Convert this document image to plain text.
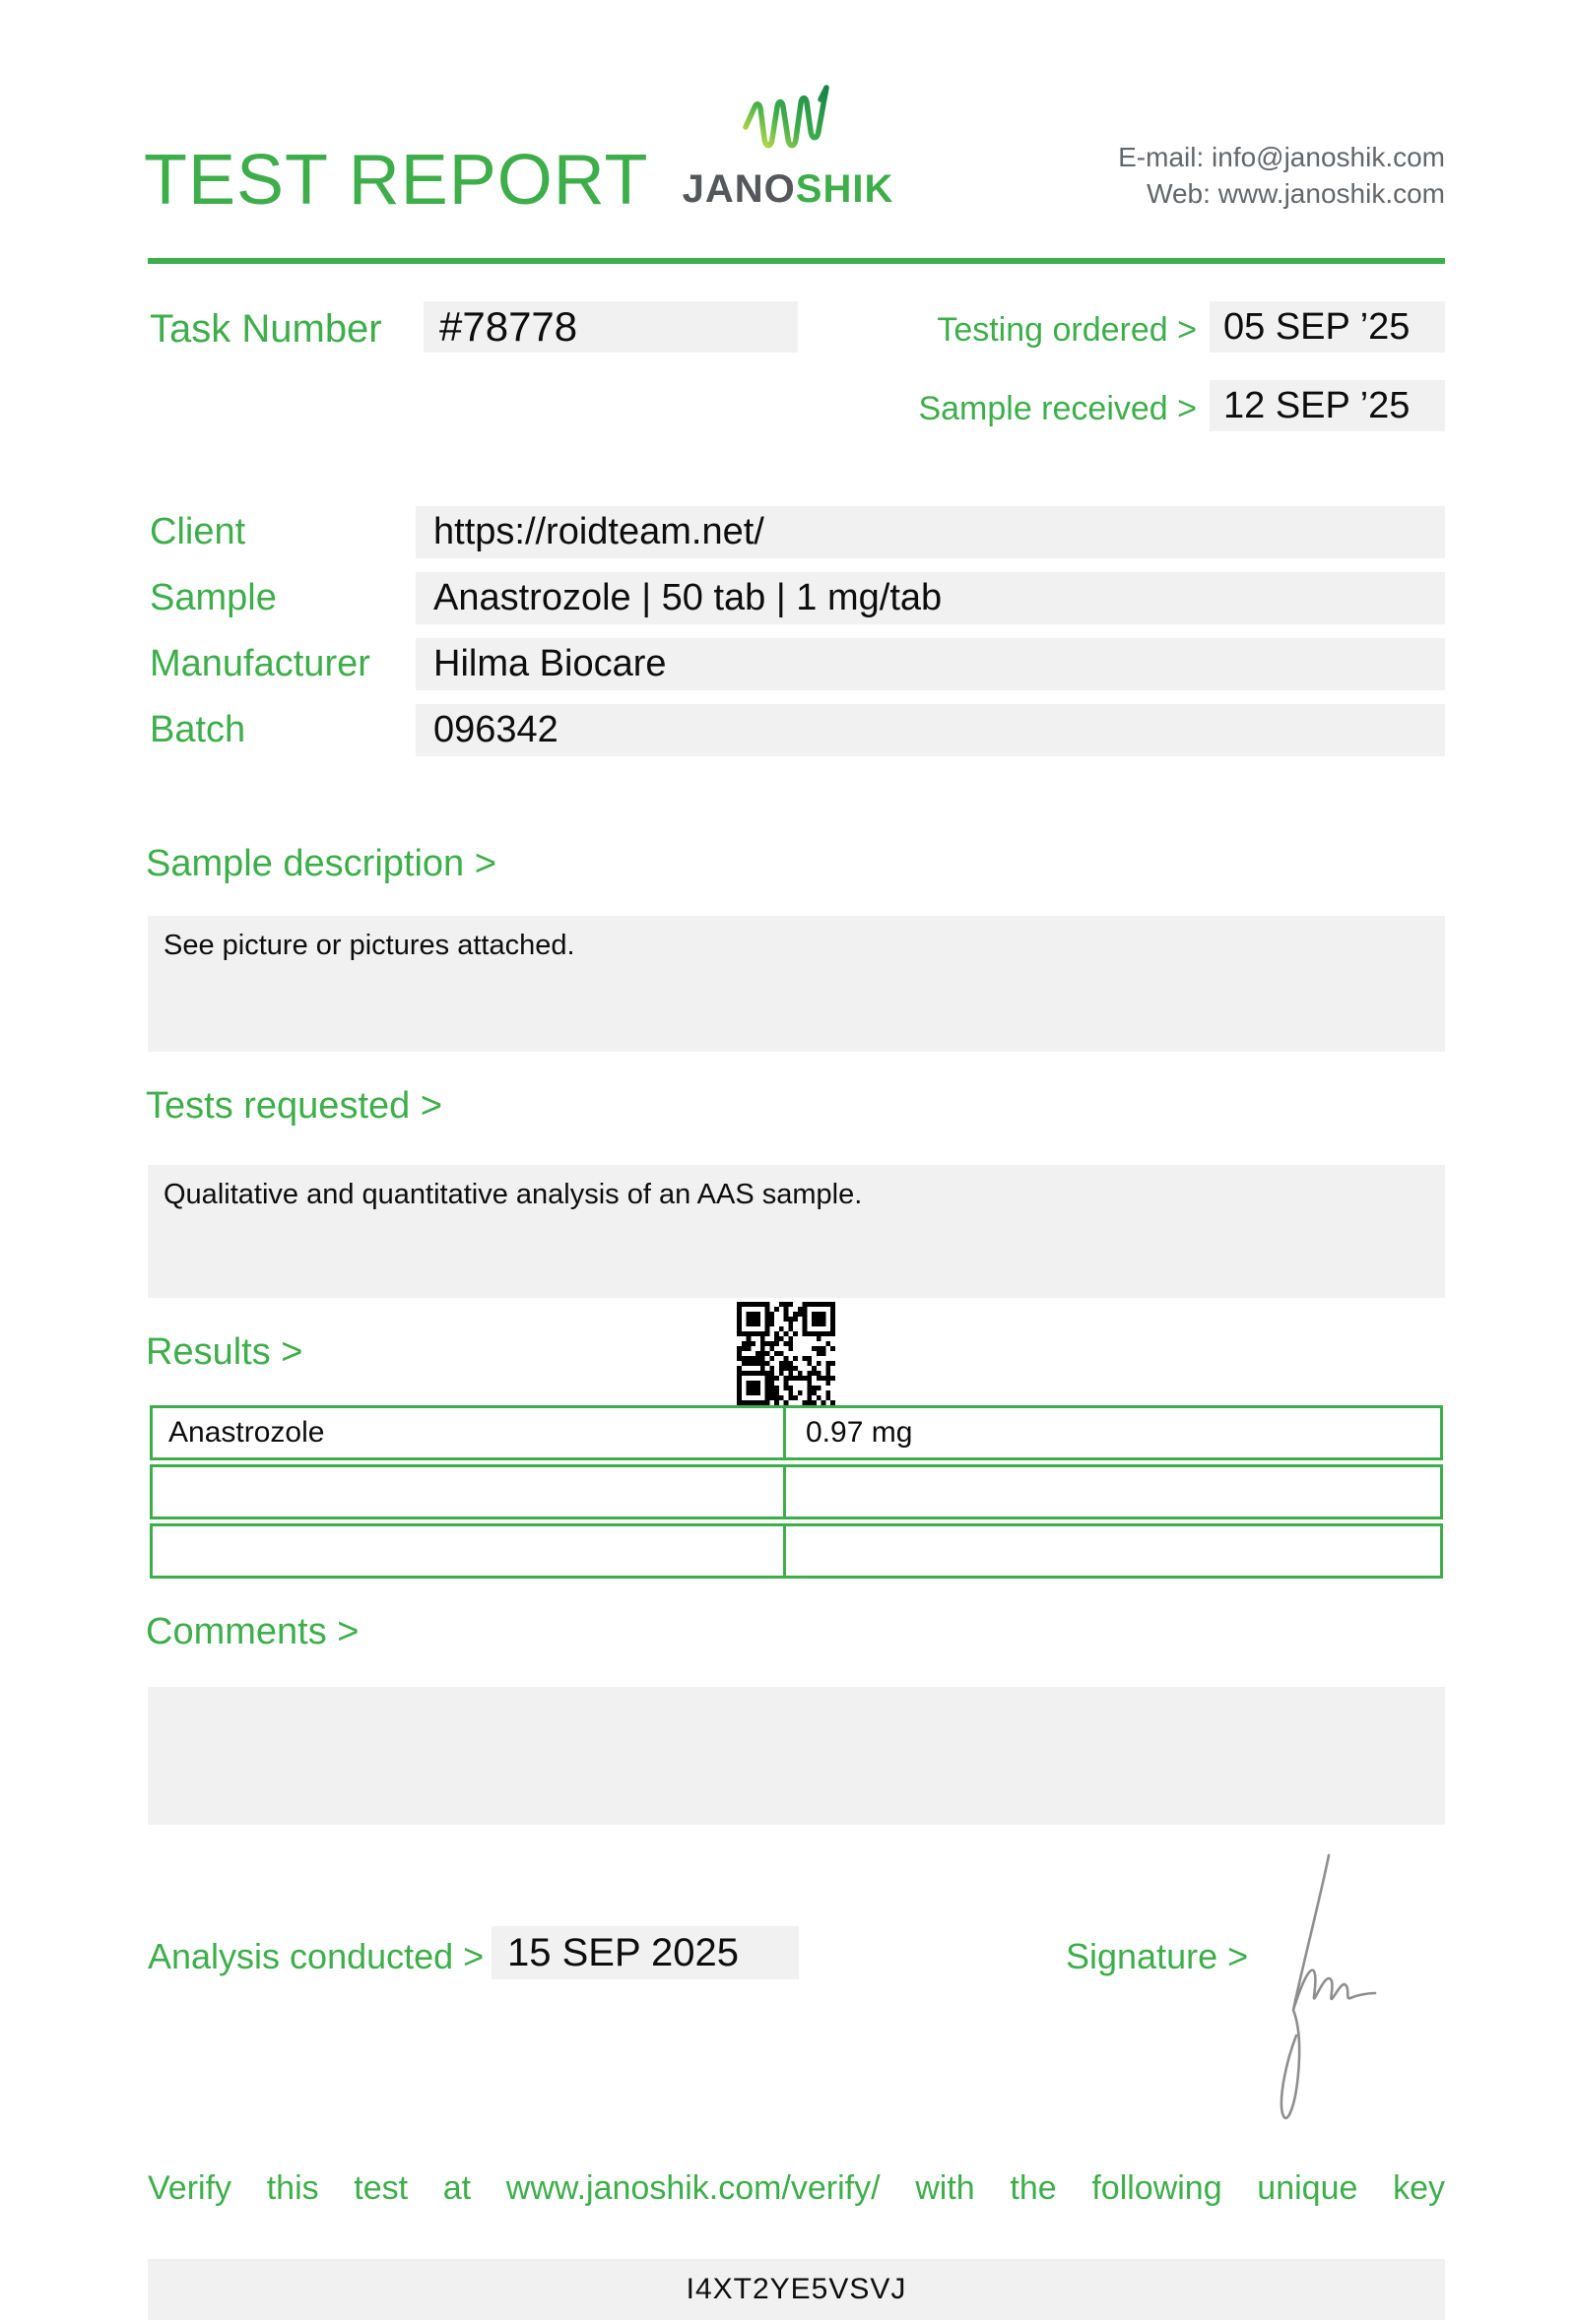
TEST REPORT JANOSHIK
E-mail: info@janoshik.com
Web: www.janoshik.com
Task Number	#78778	Testing ordered > 05 SEP ’25
Sample received > 12 SEP ’25
Client	https://roidteam.net/
Sample	Anastrozole | 50 tab | 1 mg/tab
Manufacturer	Hilma Biocare
Batch	096342
Sample description >
See picture or pictures attached.
Tests requested >
Qualitative and quantitative analysis of an AAS sample.
Results >
Anastrozole	0.97 mg
Comments >
Analysis conducted > 15 SEP 2025	Signature >
Verify this test at www.janoshik.com/verify/ with the following unique key
I4XT2YE5VSVJ
